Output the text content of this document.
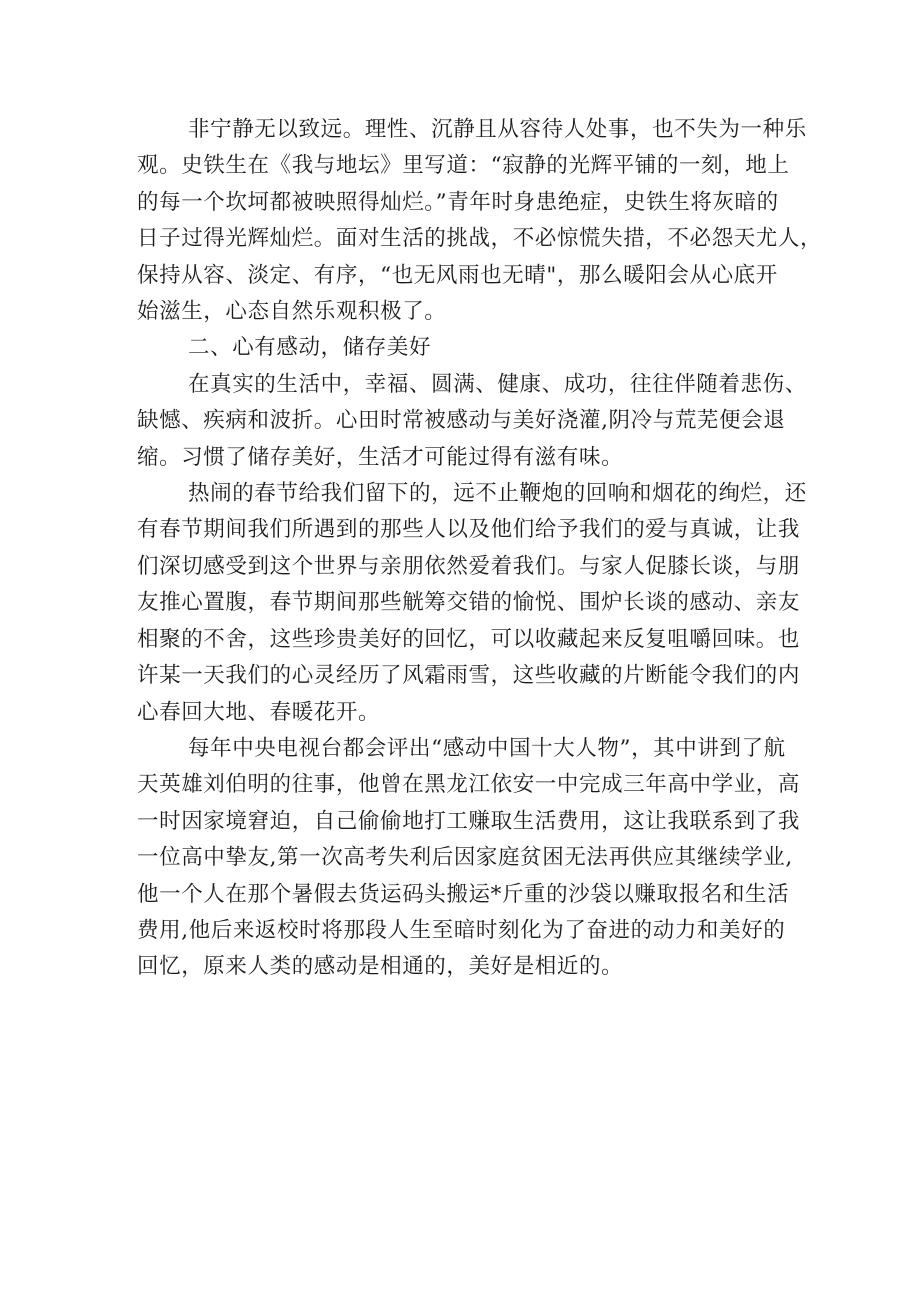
非宁静无以致远。理性、沉静且从容待人处事，也不失为一种乐
观。史铁生在《我与地坛》里写道：“寂静的光辉平铺的一刻，地上
的每一个坎坷都被映照得灿烂。”青年时身患绝症，史铁生将灰暗的
日子过得光辉灿烂。面对生活的挑战，不必惊慌失措，不必怨天尤人，
保持从容、淡定、有序，“也无风雨也无晴"，那么暖阳会从心底开
始滋生，心态自然乐观积极了。

二、心有感动，储存美好

在真实的生活中，幸福、圆满、健康、成功，往往伴随着悲伤、
缺憾、疾病和波折。心田时常被感动与美好浇灌,阴冷与荒芜便会退
缩。习惯了储存美好，生活才可能过得有滋有味。

热闹的春节给我们留下的，远不止鞭炮的回响和烟花的绚烂，还
有春节期间我们所遇到的那些人以及他们给予我们的爱与真诚，让我
们深切感受到这个世界与亲朋依然爱着我们。与家人促膝长谈，与朋
友推心置腹，春节期间那些觥筹交错的愉悦、围炉长谈的感动、亲友
相聚的不舍，这些珍贵美好的回忆，可以收藏起来反复咀嚼回味。也
许某一天我们的心灵经历了风霜雨雪，这些收藏的片断能令我们的内
心春回大地、春暖花开。

每年中央电视台都会评出“感动中国十大人物”，其中讲到了航
天英雄刘伯明的往事，他曾在黑龙江依安一中完成三年高中学业，高
一时因家境窘迫，自己偷偷地打工赚取生活费用，这让我联系到了我
一位高中挚友,第一次高考失利后因家庭贫困无法再供应其继续学业,
他一个人在那个暑假去货运码头搬运*斤重的沙袋以赚取报名和生活
费用,他后来返校时将那段人生至暗时刻化为了奋进的动力和美好的
回忆，原来人类的感动是相通的，美好是相近的。
